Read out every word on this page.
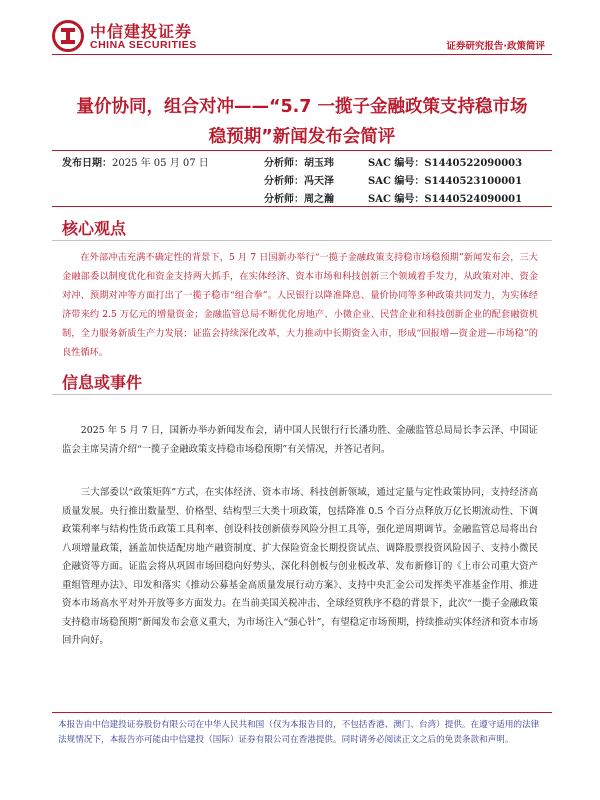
中信建投证券
CHINA SECURITIES	证券研究报告·政策简评
量价协同，组合对冲——“5.7 一揽子金融政策支持稳市场
稳预期”新闻发布会简评
发布日期：2025 年 05 月 07 日	分析师：胡玉玮	SAC 编号：S1440522090003
分析师：冯天泽	SAC 编号：S1440523100001
分析师：周之瀚	SAC 编号：S1440524090001
核心观点

在外部冲击充满不确定性的背景下，5 月 7 日国新办举行“一揽子金融政策支持稳市场稳预期”新闻发布会，三大金融部委以制度优化和资金支持两大抓手，在实体经济、资本市场和科技创新三个领域着手发力，从政策对冲、资金对冲、预期对冲等方面打出了一揽子稳市“组合拳”。人民银行以降准降息、量价协同等多种政策共同发力，为实体经济带来约 2.5 万亿元的增量资金；金融监管总局不断优化房地产、小微企业、民营企业和科技创新企业的配套融资机制，全力服务新质生产力发展；证监会持续深化改革，大力推动中长期资金入市，形成“回报增—资金进—市场稳”的良性循环。

信息或事件

2025 年 5 月 7 日，国新办举办新闻发布会，请中国人民银行行长潘功胜、金融监管总局局长李云泽、中国证监会主席吴清介绍“一揽子金融政策支持稳市场稳预期”有关情况，并答记者问。

三大部委以“政策矩阵”方式，在实体经济、资本市场、科技创新领域，通过定量与定性政策协同，支持经济高质量发展。央行推出数量型、价格型、结构型三大类十项政策，包括降准 0.5 个百分点释放万亿长期流动性、下调政策利率与结构性货币政策工具利率、创设科技创新债券风险分担工具等，强化逆周期调节。金融监管总局将出台八项增量政策，涵盖加快适配房地产融资制度、扩大保险资金长期投资试点、调降股票投资风险因子、支持小微民企融资等方面。证监会将从巩固市场回稳向好势头、深化科创板与创业板改革、发布新修订的《上市公司重大资产重组管理办法》、印发和落实《推动公募基金高质量发展行动方案》、支持中央汇金公司发挥类平准基金作用、推进资本市场高水平对外开放等多方面发力。在当前美国关税冲击、全球经贸秩序不稳的背景下，此次“一揽子金融政策支持稳市场稳预期”新闻发布会意义重大，为市场注入“强心针”，有望稳定市场预期，持续推动实体经济和资本市场回升向好。

本报告由中信建投证券股份有限公司在中华人民共和国（仅为本报告目的，不包括香港、澳门、台湾）提供。在遵守适用的法律法规情况下，本报告亦可能由中信建投（国际）证券有限公司在香港提供。同时请务必阅读正文之后的免责条款和声明。
